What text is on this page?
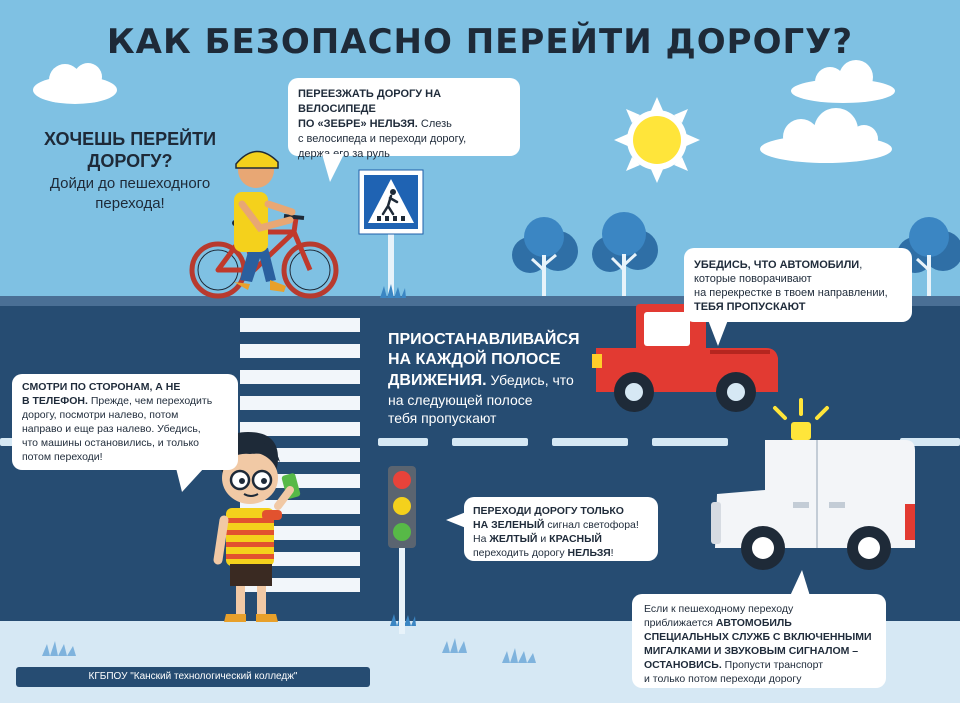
КАК БЕЗОПАСНО ПЕРЕЙТИ ДОРОГУ?
ХОЧЕШЬ ПЕРЕЙТИ
ДОРОГУ?
Дойди до пешеходного
перехода!
ПЕРЕЕЗЖАТЬ ДОРОГУ НА ВЕЛОСИПЕДЕ
ПО «ЗЕБРЕ» НЕЛЬЗЯ. Слезь
с велосипеда и переходи дорогу,
держа его за руль
УБЕДИСЬ, ЧТО АВТОМОБИЛИ,
которые поворачивают
на перекрестке в твоем направлении,
ТЕБЯ ПРОПУСКАЮТ
ПРИОСТАНАВЛИВАЙСЯ
НА КАЖДОЙ ПОЛОСЕ
ДВИЖЕНИЯ. Убедись, что
на следующей полосе
тебя пропускают
СМОТРИ ПО СТОРОНАМ, А НЕ
В ТЕЛЕФОН. Прежде, чем переходить
дорогу, посмотри налево, потом
направо и еще раз налево. Убедись,
что машины остановились, и только
потом переходи!
ПЕРЕХОДИ ДОРОГУ ТОЛЬКО
НА ЗЕЛЕНЫЙ сигнал светофора!
На ЖЕЛТЫЙ и КРАСНЫЙ
переходить дорогу НЕЛЬЗЯ!
Если к пешеходному переходу
приближается АВТОМОБИЛЬ
СПЕЦИАЛЬНЫХ СЛУЖБ С ВКЛЮЧЕННЫМИ
МИГАЛКАМИ И ЗВУКОВЫМ СИГНАЛОМ –
ОСТАНОВИСЬ. Пропусти транспорт
и только потом переходи дорогу
КГБПОУ "Канский технологический колледж"
